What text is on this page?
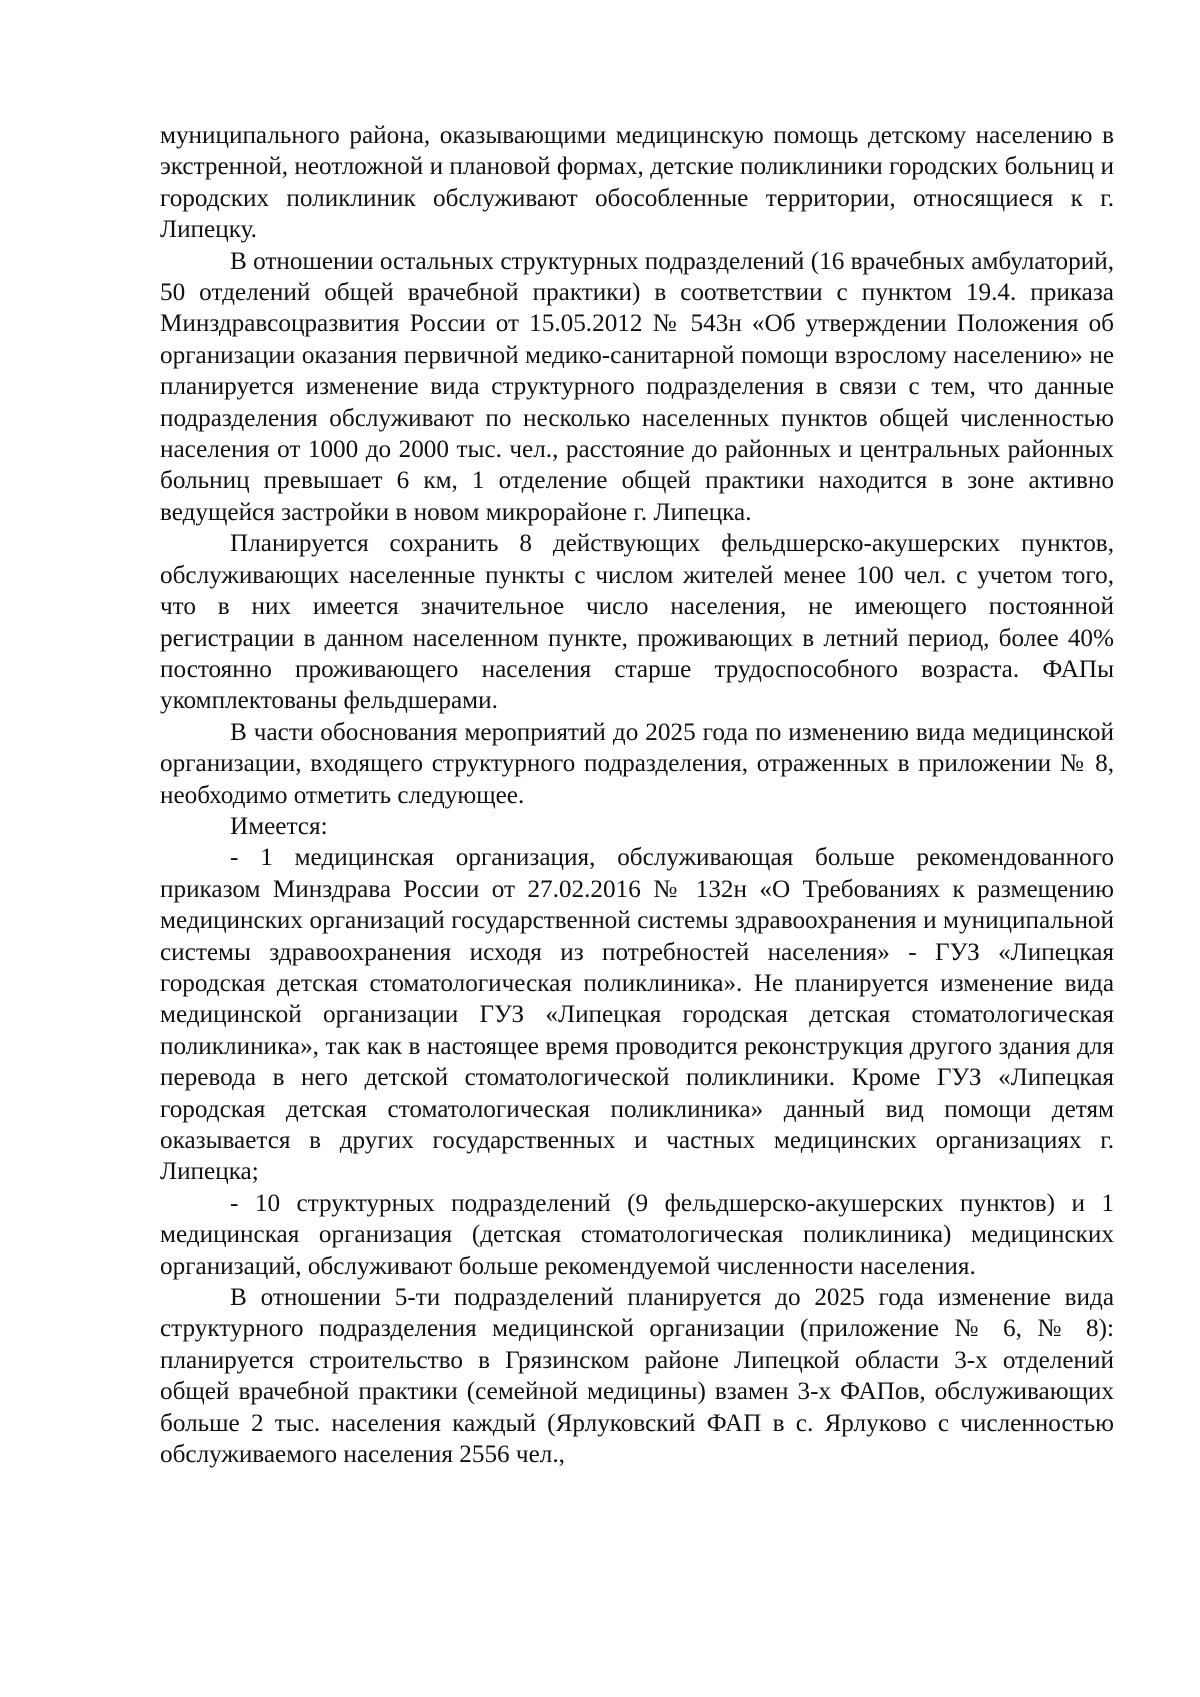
муниципального района, оказывающими медицинскую помощь детскому населению в экстренной, неотложной и плановой формах, детские поликлиники городских больниц и городских поликлиник обслуживают обособленные территории, относящиеся к г. Липецку.

В отношении остальных структурных подразделений (16 врачебных амбулаторий, 50 отделений общей врачебной практики) в соответствии с пунктом 19.4. приказа Минздравсоцразвития России от 15.05.2012 № 543н «Об утверждении Положения об организации оказания первичной медико-санитарной помощи взрослому населению» не планируется изменение вида структурного подразделения в связи с тем, что данные подразделения обслуживают по несколько населенных пунктов общей численностью населения от 1000 до 2000 тыс. чел., расстояние до районных и центральных районных больниц превышает 6 км, 1 отделение общей практики находится в зоне активно ведущейся застройки в новом микрорайоне г. Липецка.

Планируется сохранить 8 действующих фельдшерско-акушерских пунктов, обслуживающих населенные пункты с числом жителей менее 100 чел. с учетом того, что в них имеется значительное число населения, не имеющего постоянной регистрации в данном населенном пункте, проживающих в летний период, более 40% постоянно проживающего населения старше трудоспособного возраста. ФАПы укомплектованы фельдшерами.

В части обоснования мероприятий до 2025 года по изменению вида медицинской организации, входящего структурного подразделения, отраженных в приложении № 8, необходимо отметить следующее.

Имеется:

- 1 медицинская организация, обслуживающая больше рекомендованного приказом Минздрава России от 27.02.2016 № 132н «О Требованиях к размещению медицинских организаций государственной системы здравоохранения и муниципальной системы здравоохранения исходя из потребностей населения» - ГУЗ «Липецкая городская детская стоматологическая поликлиника». Не планируется изменение вида медицинской организации ГУЗ «Липецкая городская детская стоматологическая поликлиника», так как в настоящее время проводится реконструкция другого здания для перевода в него детской стоматологической поликлиники. Кроме ГУЗ «Липецкая городская детская стоматологическая поликлиника» данный вид помощи детям оказывается в других государственных и частных медицинских организациях г. Липецка;

- 10 структурных подразделений (9 фельдшерско-акушерских пунктов) и 1 медицинская организация (детская стоматологическая поликлиника) медицинских организаций, обслуживают больше рекомендуемой численности населения.

В отношении 5-ти подразделений планируется до 2025 года изменение вида структурного подразделения медицинской организации (приложение № 6, № 8): планируется строительство в Грязинском районе Липецкой области 3-х отделений общей врачебной практики (семейной медицины) взамен 3-х ФАПов, обслуживающих больше 2 тыс. населения каждый (Ярлуковский ФАП в с. Ярлуково с численностью обслуживаемого населения 2556 чел.,
